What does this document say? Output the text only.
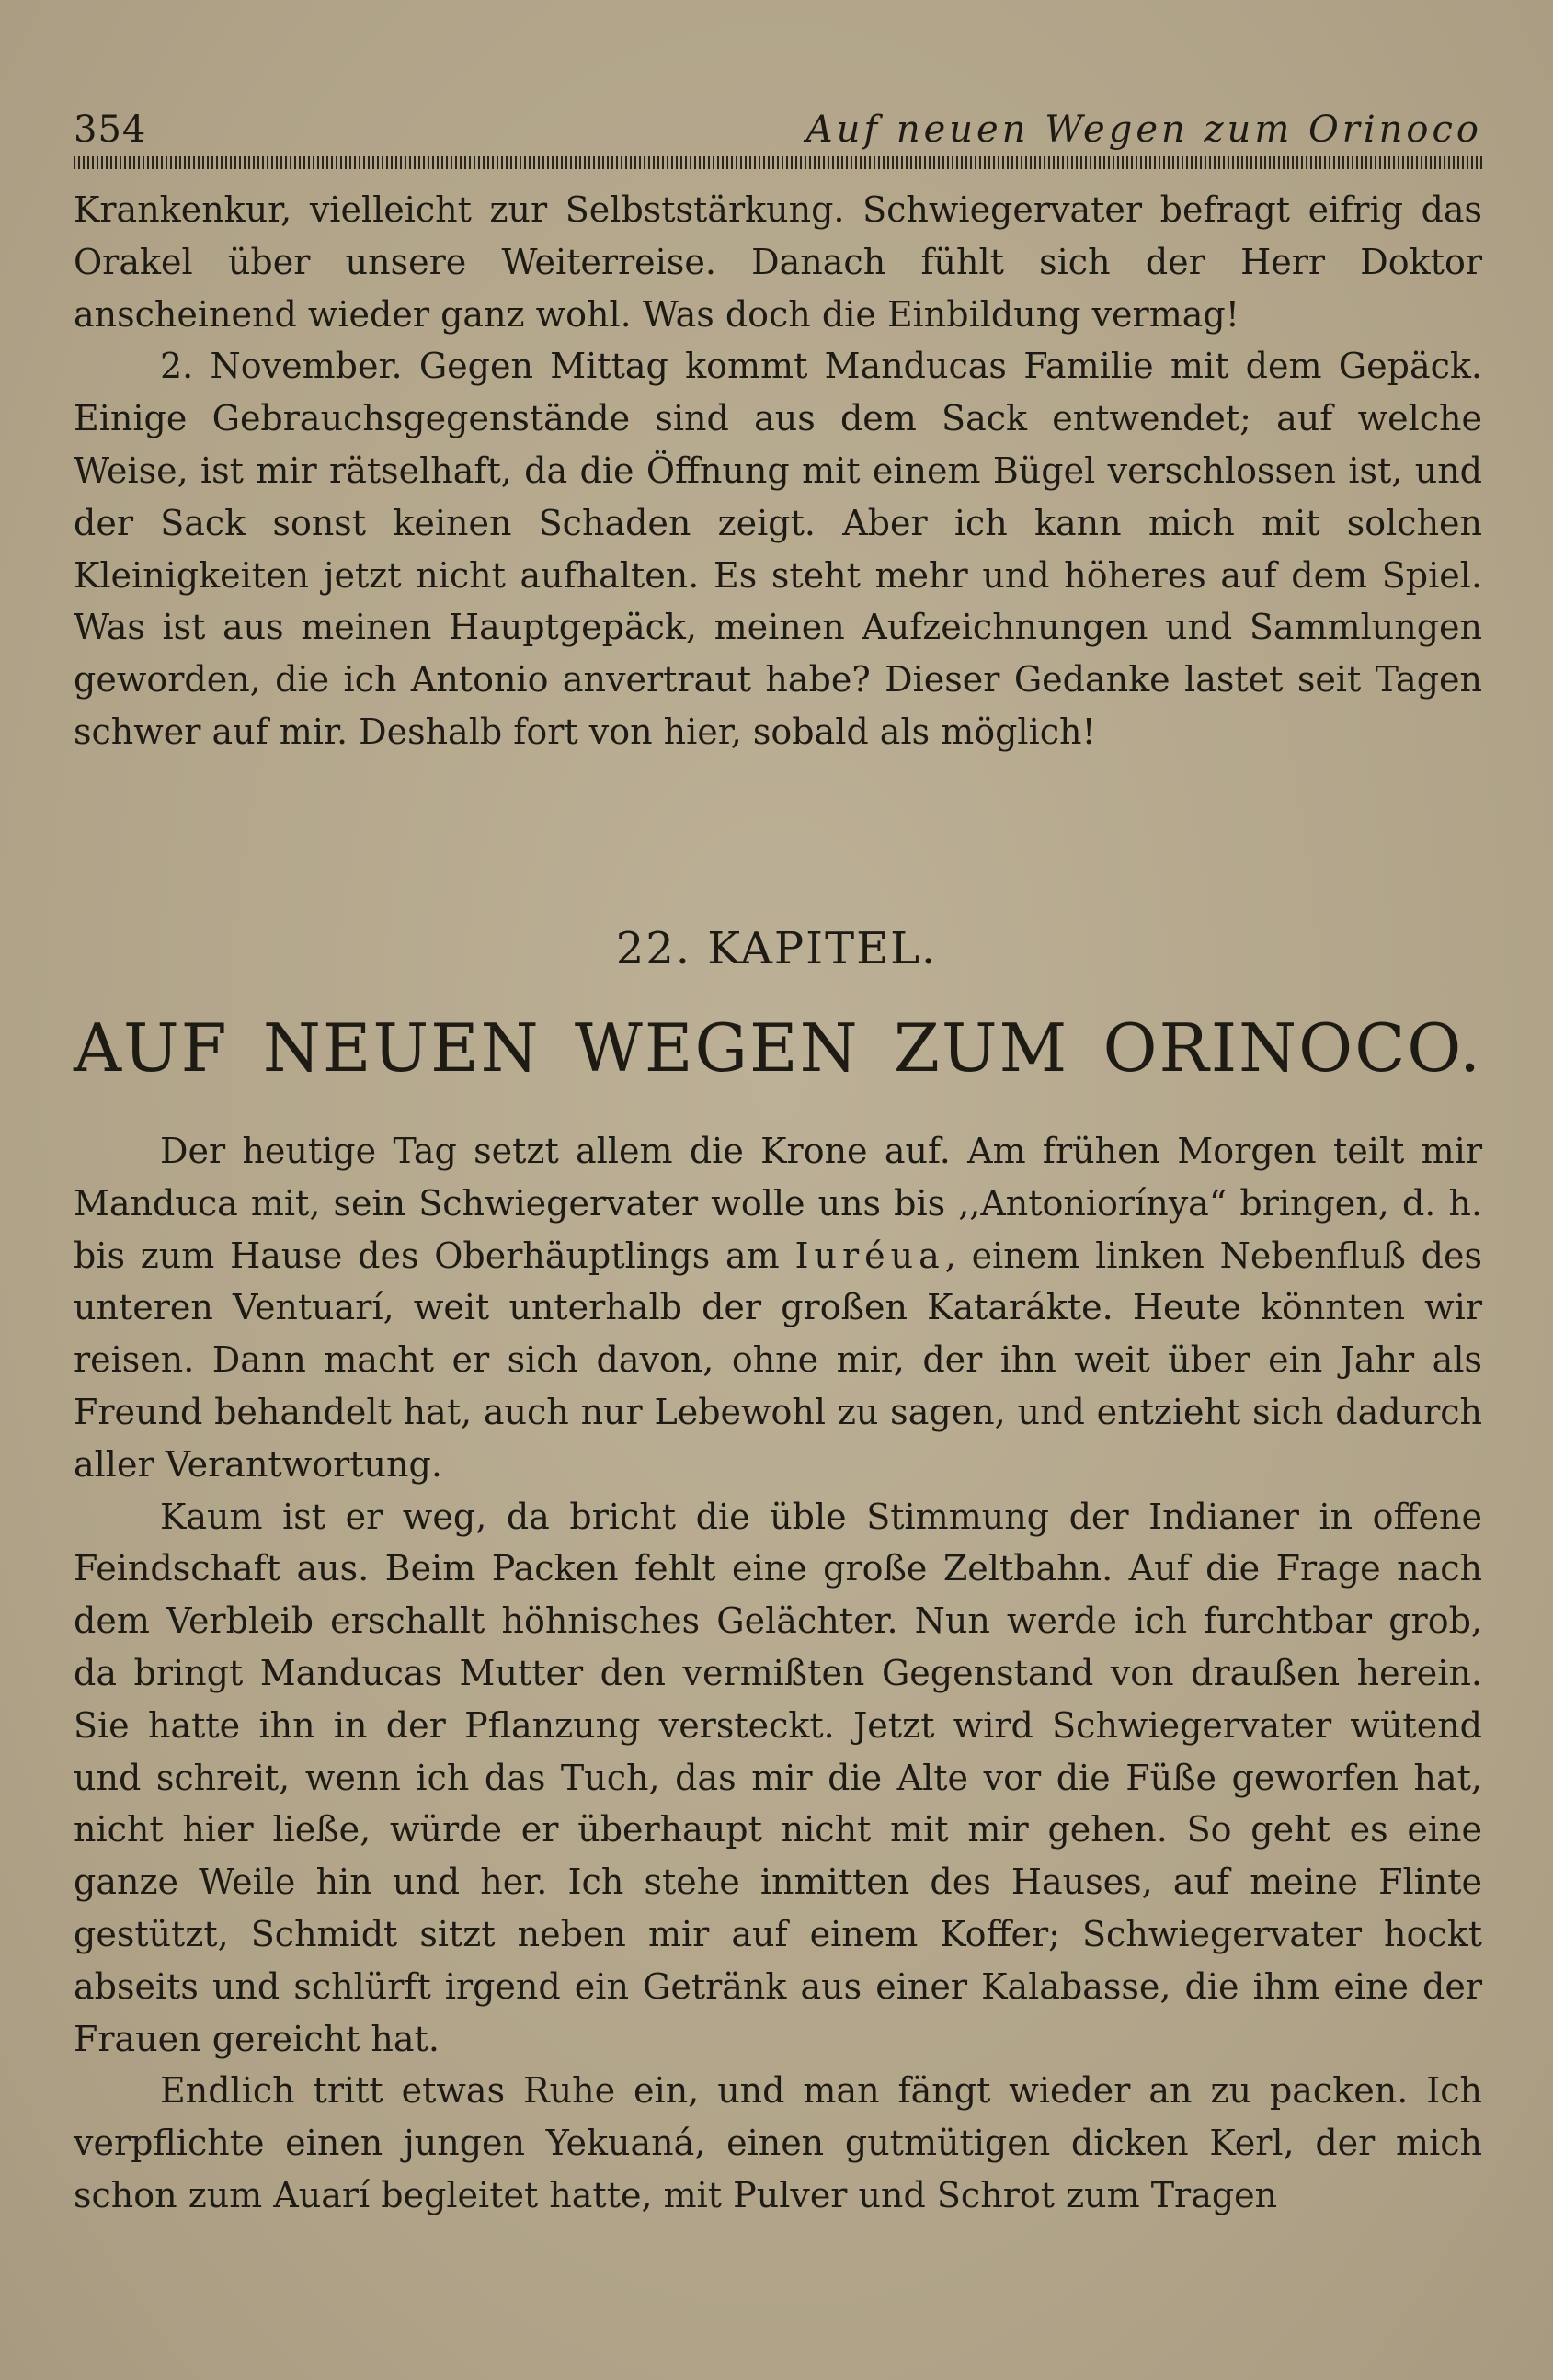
354	Auf neuen Wegen zum Orinoco

Krankenkur, vielleicht zur Selbststärkung. Schwiegervater befragt eifrig das Orakel über unsere Weiterreise. Danach fühlt sich der Herr Doktor anscheinend wieder ganz wohl. Was doch die Einbildung vermag!

2. November. Gegen Mittag kommt Manducas Familie mit dem Gepäck. Einige Gebrauchsgegenstände sind aus dem Sack entwendet; auf welche Weise, ist mir rätselhaft, da die Öffnung mit einem Bügel verschlossen ist, und der Sack sonst keinen Schaden zeigt. Aber ich kann mich mit solchen Kleinigkeiten jetzt nicht aufhalten. Es steht mehr und höheres auf dem Spiel. Was ist aus meinen Hauptgepäck, meinen Aufzeichnungen und Sammlungen geworden, die ich Antonio anvertraut habe? Dieser Gedanke lastet seit Tagen schwer auf mir. Deshalb fort von hier, sobald als möglich!

22. KAPITEL.
AUF NEUEN WEGEN ZUM ORINOCO.

Der heutige Tag setzt allem die Krone auf. Am frühen Morgen teilt mir Manduca mit, sein Schwiegervater wolle uns bis ,,Antoniorínya“ bringen, d. h. bis zum Hause des Oberhäuptlings am Iuréua, einem linken Nebenfluß des unteren Ventuarí, weit unterhalb der großen Katarákte. Heute könnten wir reisen. Dann macht er sich davon, ohne mir, der ihn weit über ein Jahr als Freund behandelt hat, auch nur Lebewohl zu sagen, und entzieht sich dadurch aller Verantwortung.

Kaum ist er weg, da bricht die üble Stimmung der Indianer in offene Feindschaft aus. Beim Packen fehlt eine große Zeltbahn. Auf die Frage nach dem Verbleib erschallt höhnisches Gelächter. Nun werde ich furchtbar grob, da bringt Manducas Mutter den vermißten Gegenstand von draußen herein. Sie hatte ihn in der Pflanzung versteckt. Jetzt wird Schwiegervater wütend und schreit, wenn ich das Tuch, das mir die Alte vor die Füße geworfen hat, nicht hier ließe, würde er überhaupt nicht mit mir gehen. So geht es eine ganze Weile hin und her. Ich stehe inmitten des Hauses, auf meine Flinte gestützt, Schmidt sitzt neben mir auf einem Koffer; Schwiegervater hockt abseits und schlürft irgend ein Getränk aus einer Kalabasse, die ihm eine der Frauen gereicht hat.

Endlich tritt etwas Ruhe ein, und man fängt wieder an zu packen. Ich verpflichte einen jungen Yekuaná, einen gutmütigen dicken Kerl, der mich schon zum Auarí begleitet hatte, mit Pulver und Schrot zum Tragen
